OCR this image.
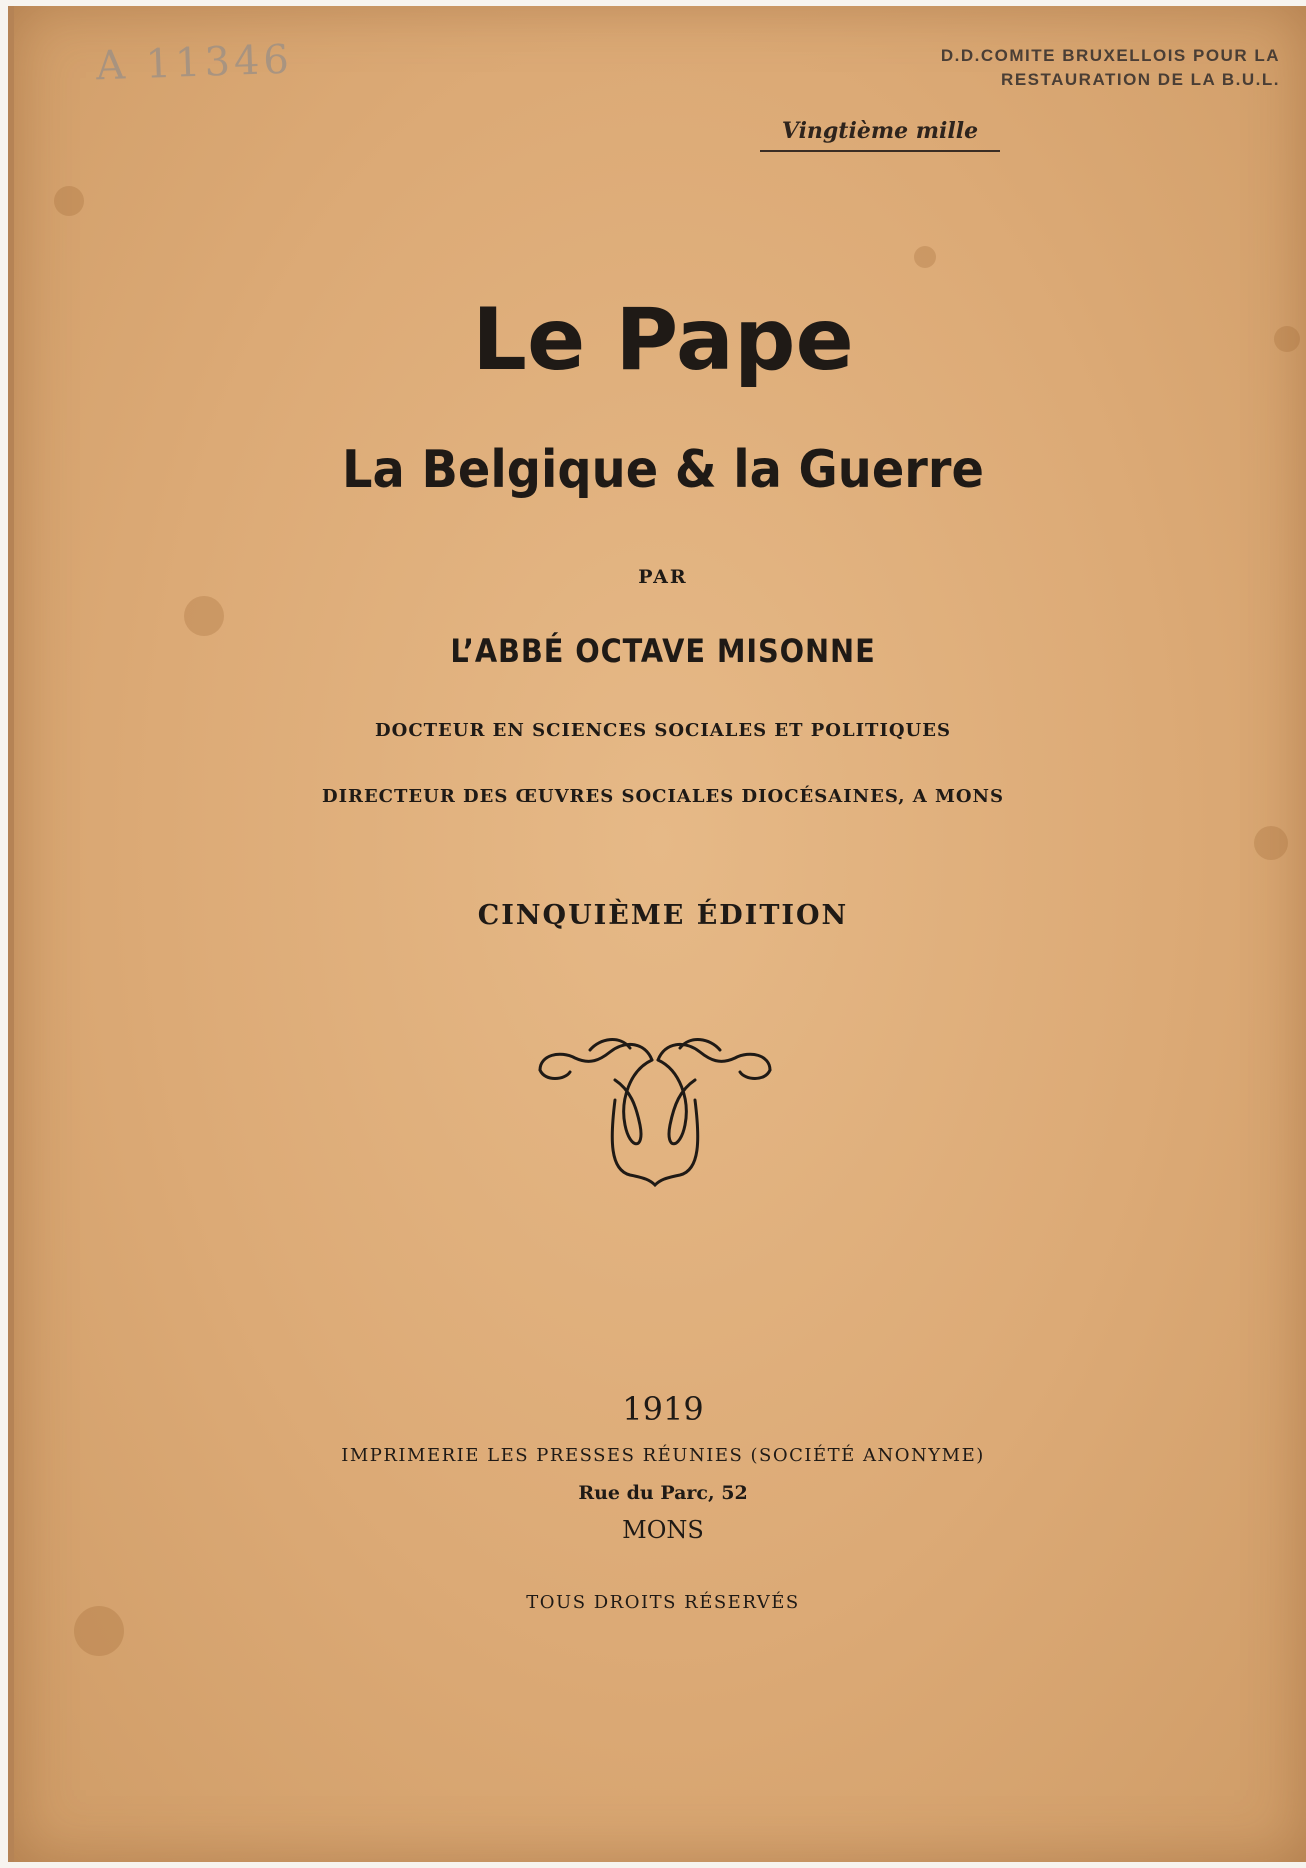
A 11346	D.D.COMITE BRUXELLOIS POUR LA
RESTAURATION DE LA B.U.L.
Vingtième mille
Le Pape
La Belgique & la Guerre
PAR
L’ABBÉ OCTAVE MISONNE
DOCTEUR EN SCIENCES SOCIALES ET POLITIQUES
DIRECTEUR DES ŒUVRES SOCIALES DIOCÉSAINES, A MONS
CINQUIÈME ÉDITION
1919
IMPRIMERIE LES PRESSES RÉUNIES (SOCIÉTÉ ANONYME)
Rue du Parc, 52
MONS
TOUS DROITS RÉSERVÉS
